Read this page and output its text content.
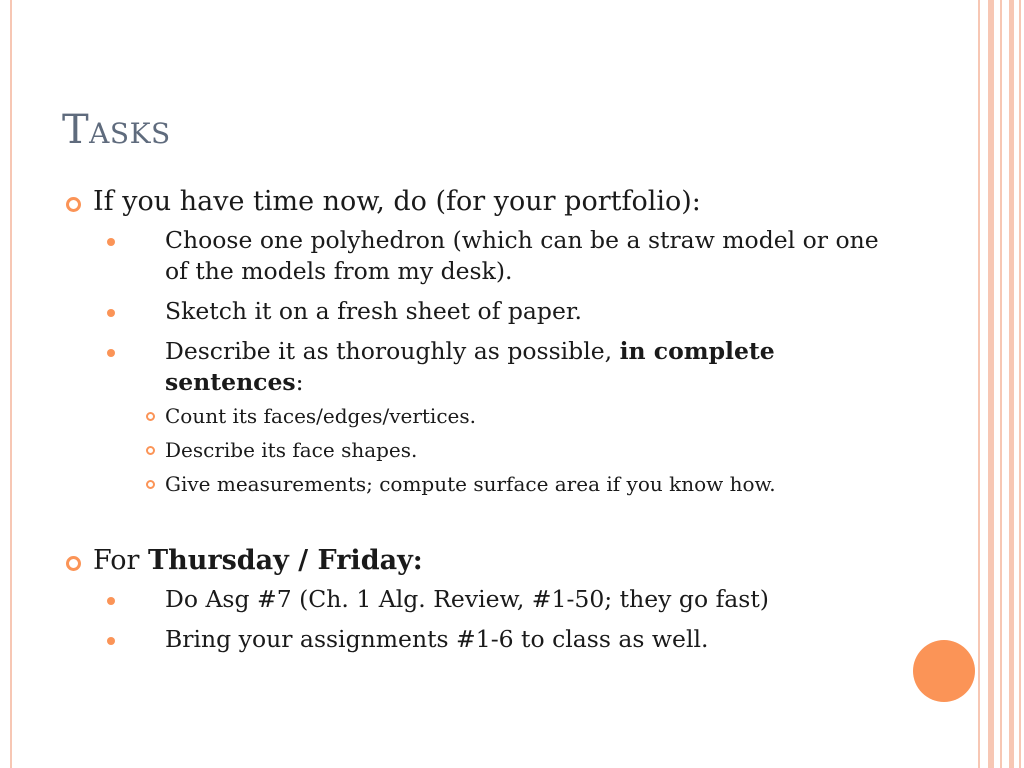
Tasks
If you have time now, do (for your portfolio):
Choose one polyhedron (which can be a straw model or one of the models from my desk).
Sketch it on a fresh sheet of paper.
Describe it as thoroughly as possible, in complete sentences:
Count its faces/edges/vertices.
Describe its face shapes.
Give measurements; compute surface area if you know how.
For Thursday / Friday:
Do Asg #7 (Ch. 1 Alg. Review, #1-50; they go fast)
Bring your assignments #1-6 to class as well.
